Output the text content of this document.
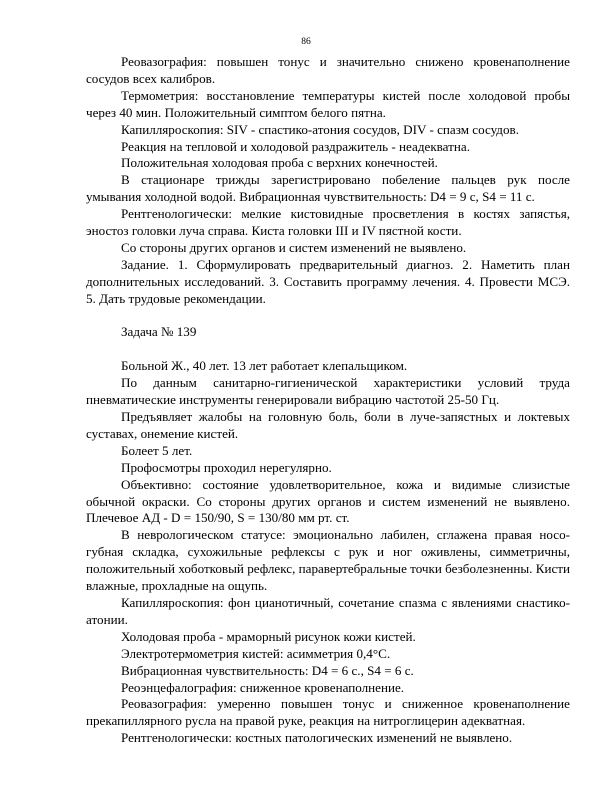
86

Реовазография: повышен тонус и значительно снижено кровенаполнение сосудов всех калибров.

Термометрия: восстановление температуры кистей после холодовой пробы через 40 мин. Положительный симптом белого пятна.

Капилляроскопия: SIV - спастико-атония сосудов, DIV - спазм сосудов.

Реакция на тепловой и холодовой раздражитель - неадекватна.

Положительная холодовая проба с верхних конечностей.

В стационаре трижды зарегистрировано побеление пальцев рук после умывания холодной водой. Вибрационная чувствительность: D4 = 9 с, S4 = 11 с.

Рентгенологически: мелкие кистовидные просветления в костях запястья, эностоз головки луча справа. Киста головки III и IV пястной кости.

Со стороны других органов и систем изменений не выявлено.

Задание. 1. Сформулировать предварительный диагноз. 2. Наметить план дополнительных исследований. 3. Составить программу лечения. 4. Провести МСЭ. 5. Дать трудовые рекомендации.

Задача № 139

Больной Ж., 40 лет. 13 лет работает клепальщиком.

По данным санитарно-гигиенической характеристики условий труда пневматические инструменты генерировали вибрацию частотой 25-50 Гц.

Предъявляет жалобы на головную боль, боли в луче-запястных и локтевых суставах, онемение кистей.

Болеет 5 лет.

Профосмотры проходил нерегулярно.

Объективно: состояние удовлетворительное, кожа и видимые слизистые обычной окраски. Со стороны других органов и систем изменений не выявлено. Плечевое АД - D = 150/90, S = 130/80 мм рт. ст.

В неврологическом статусе: эмоционально лабилен, сглажена правая носо-губная складка, сухожильные рефлексы с рук и ног оживлены, симметричны, положительный хоботковый рефлекс, паравертебральные точки безболезненны. Кисти влажные, прохладные на ощупь.

Капилляроскопия: фон цианотичный, сочетание спазма с явлениями снастико-атонии.

Холодовая проба - мраморный рисунок кожи кистей.

Электротермометрия кистей: асимметрия 0,4°С.

Вибрационная чувствительность: D4 = 6 с., S4 = 6 с.

Реоэнцефалография: сниженное кровенаполнение.

Реовазография: умеренно повышен тонус и сниженное кровенаполнение прекапиллярного русла на правой руке, реакция на нитроглицерин адекватная.

Рентгенологически: костных патологических изменений не выявлено.
